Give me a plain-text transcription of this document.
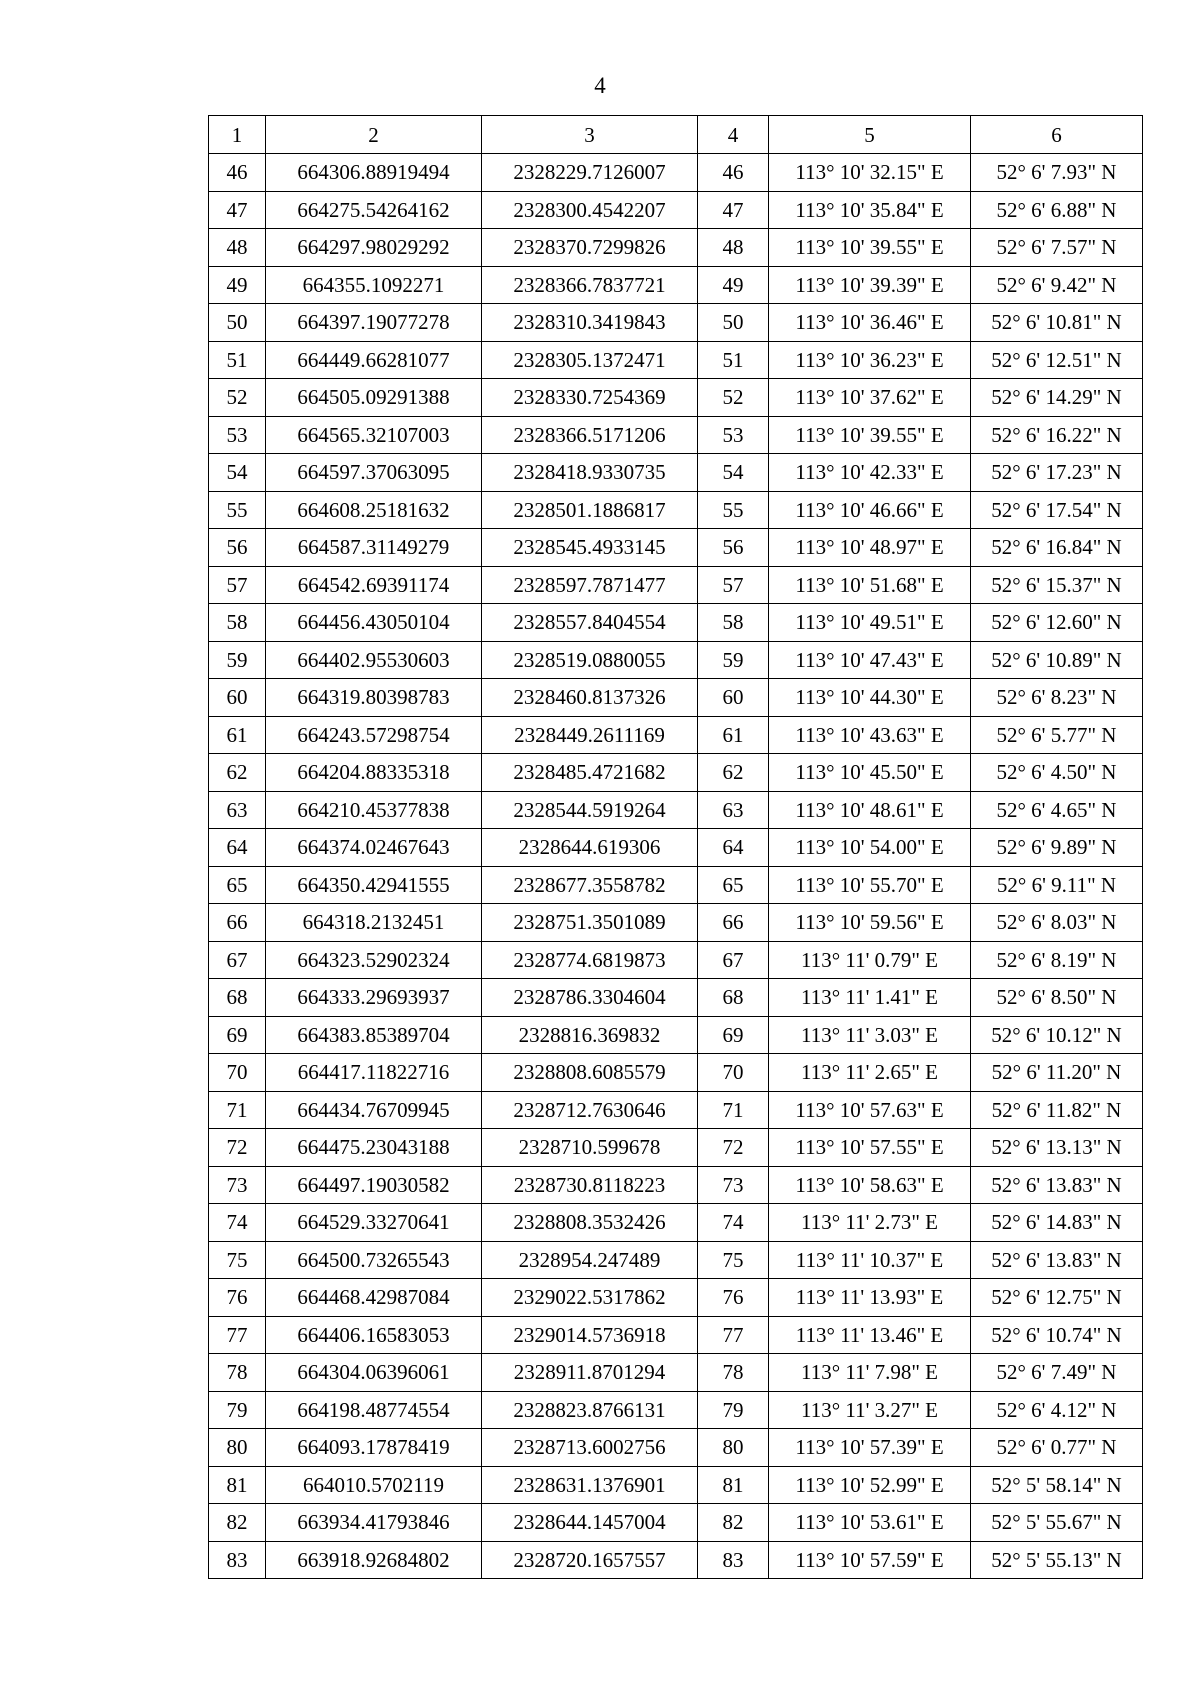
4
1	2	3	4	5	6
46	664306.88919494	2328229.7126007	46	113° 10' 32.15" E	52° 6' 7.93" N
47	664275.54264162	2328300.4542207	47	113° 10' 35.84" E	52° 6' 6.88" N
48	664297.98029292	2328370.7299826	48	113° 10' 39.55" E	52° 6' 7.57" N
49	664355.1092271	2328366.7837721	49	113° 10' 39.39" E	52° 6' 9.42" N
50	664397.19077278	2328310.3419843	50	113° 10' 36.46" E	52° 6' 10.81" N
51	664449.66281077	2328305.1372471	51	113° 10' 36.23" E	52° 6' 12.51" N
52	664505.09291388	2328330.7254369	52	113° 10' 37.62" E	52° 6' 14.29" N
53	664565.32107003	2328366.5171206	53	113° 10' 39.55" E	52° 6' 16.22" N
54	664597.37063095	2328418.9330735	54	113° 10' 42.33" E	52° 6' 17.23" N
55	664608.25181632	2328501.1886817	55	113° 10' 46.66" E	52° 6' 17.54" N
56	664587.31149279	2328545.4933145	56	113° 10' 48.97" E	52° 6' 16.84" N
57	664542.69391174	2328597.7871477	57	113° 10' 51.68" E	52° 6' 15.37" N
58	664456.43050104	2328557.8404554	58	113° 10' 49.51" E	52° 6' 12.60" N
59	664402.95530603	2328519.0880055	59	113° 10' 47.43" E	52° 6' 10.89" N
60	664319.80398783	2328460.8137326	60	113° 10' 44.30" E	52° 6' 8.23" N
61	664243.57298754	2328449.2611169	61	113° 10' 43.63" E	52° 6' 5.77" N
62	664204.88335318	2328485.4721682	62	113° 10' 45.50" E	52° 6' 4.50" N
63	664210.45377838	2328544.5919264	63	113° 10' 48.61" E	52° 6' 4.65" N
64	664374.02467643	2328644.619306	64	113° 10' 54.00" E	52° 6' 9.89" N
65	664350.42941555	2328677.3558782	65	113° 10' 55.70" E	52° 6' 9.11" N
66	664318.2132451	2328751.3501089	66	113° 10' 59.56" E	52° 6' 8.03" N
67	664323.52902324	2328774.6819873	67	113° 11' 0.79" E	52° 6' 8.19" N
68	664333.29693937	2328786.3304604	68	113° 11' 1.41" E	52° 6' 8.50" N
69	664383.85389704	2328816.369832	69	113° 11' 3.03" E	52° 6' 10.12" N
70	664417.11822716	2328808.6085579	70	113° 11' 2.65" E	52° 6' 11.20" N
71	664434.76709945	2328712.7630646	71	113° 10' 57.63" E	52° 6' 11.82" N
72	664475.23043188	2328710.599678	72	113° 10' 57.55" E	52° 6' 13.13" N
73	664497.19030582	2328730.8118223	73	113° 10' 58.63" E	52° 6' 13.83" N
74	664529.33270641	2328808.3532426	74	113° 11' 2.73" E	52° 6' 14.83" N
75	664500.73265543	2328954.247489	75	113° 11' 10.37" E	52° 6' 13.83" N
76	664468.42987084	2329022.5317862	76	113° 11' 13.93" E	52° 6' 12.75" N
77	664406.16583053	2329014.5736918	77	113° 11' 13.46" E	52° 6' 10.74" N
78	664304.06396061	2328911.8701294	78	113° 11' 7.98" E	52° 6' 7.49" N
79	664198.48774554	2328823.8766131	79	113° 11' 3.27" E	52° 6' 4.12" N
80	664093.17878419	2328713.6002756	80	113° 10' 57.39" E	52° 6' 0.77" N
81	664010.5702119	2328631.1376901	81	113° 10' 52.99" E	52° 5' 58.14" N
82	663934.41793846	2328644.1457004	82	113° 10' 53.61" E	52° 5' 55.67" N
83	663918.92684802	2328720.1657557	83	113° 10' 57.59" E	52° 5' 55.13" N
